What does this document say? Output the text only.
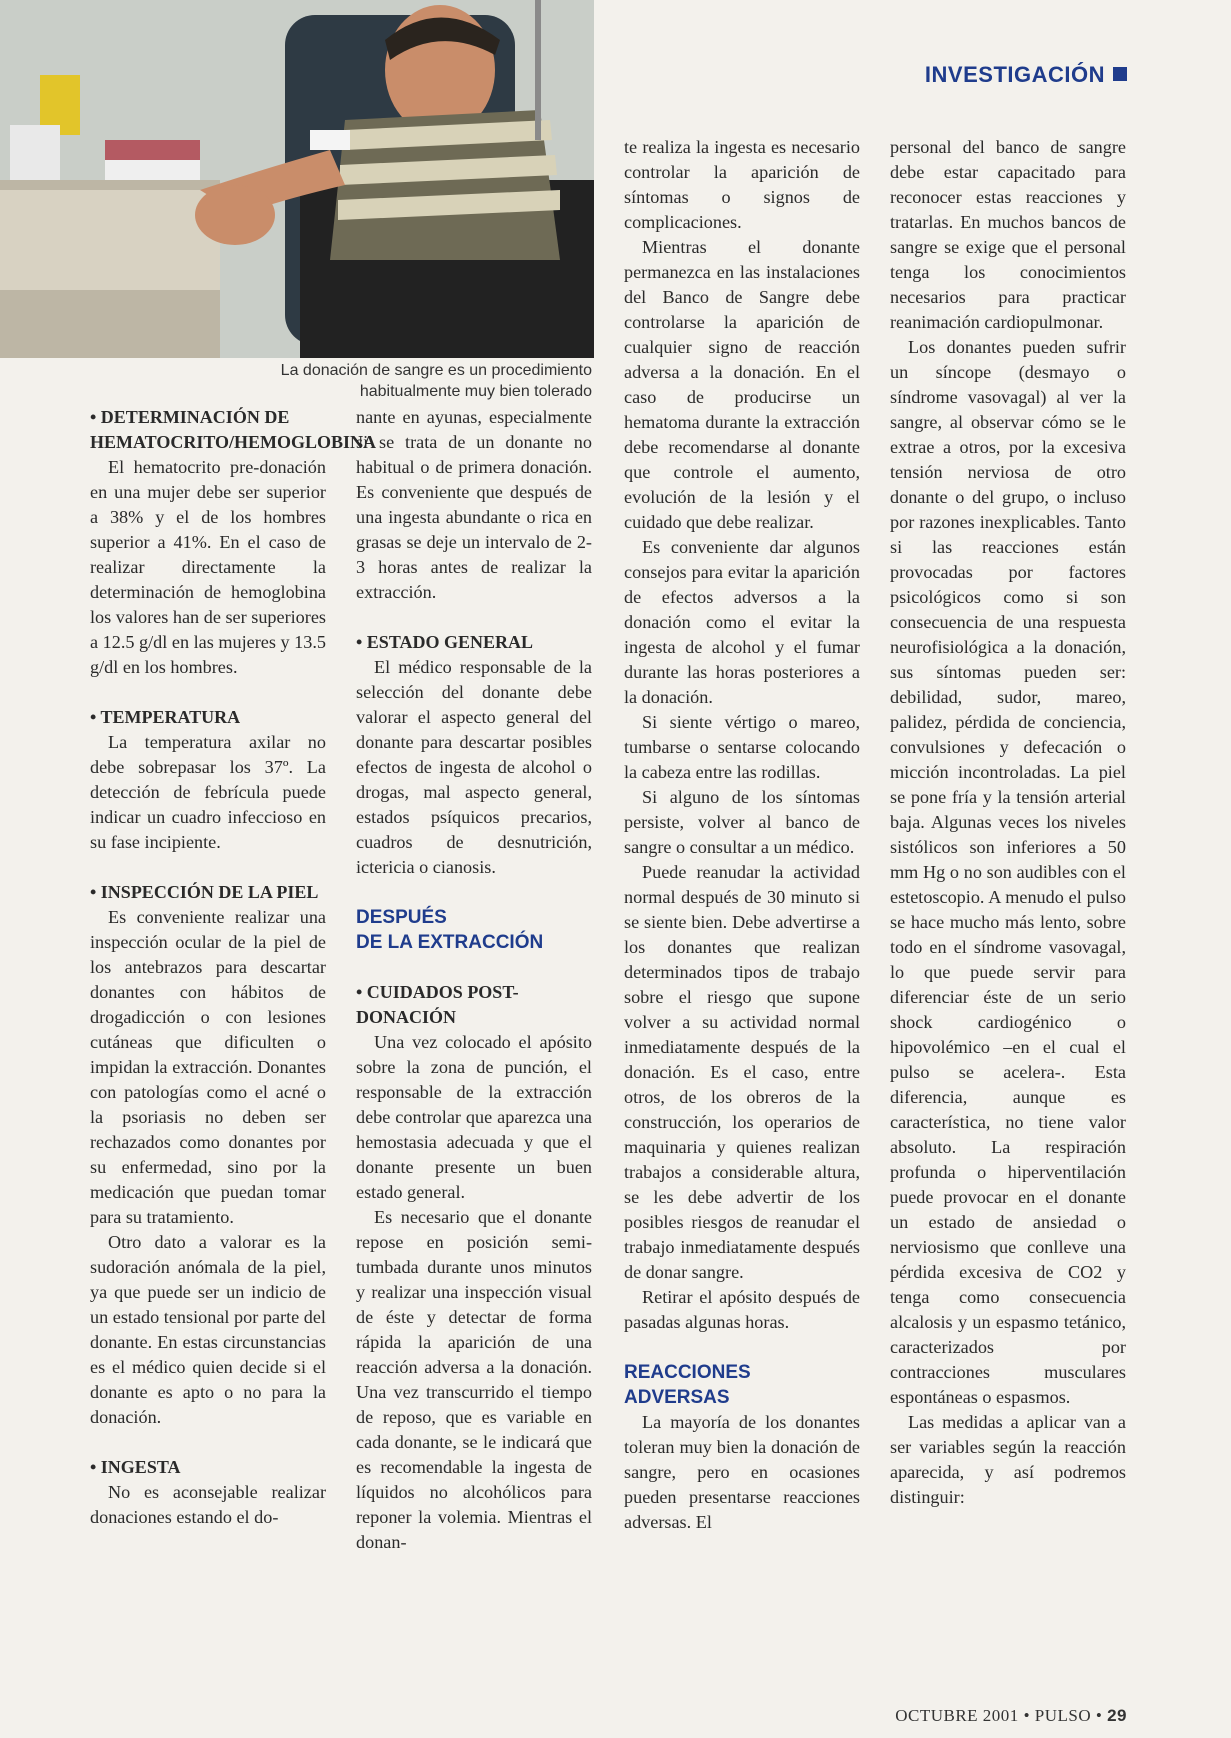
La donación de sangre es un procedimiento habitualmente muy bien tolerado
INVESTIGACIÓN
• DETERMINACIÓN DE HEMATOCRITO/HEMOGLOBINA

El hematocrito pre-donación en una mujer debe ser superior a 38% y el de los hombres superior a 41%. En el caso de realizar directamente la determinación de hemoglobina los valores han de ser superiores a 12.5 g/dl en las mujeres y 13.5 g/dl en los hombres.

• TEMPERATURA

La temperatura axilar no debe sobrepasar los 37º. La detección de febrícula puede indicar un cuadro infeccioso en su fase incipiente.

• INSPECCIÓN DE LA PIEL

Es conveniente realizar una inspección ocular de la piel de los antebrazos para descartar donantes con hábitos de drogadicción o con lesiones cutáneas que dificulten o impidan la extracción. Donantes con patologías como el acné o la psoriasis no deben ser rechazados como donantes por su enfermedad, sino por la medicación que puedan tomar para su tratamiento.

Otro dato a valorar es la sudoración anómala de la piel, ya que puede ser un indicio de un estado tensional por parte del donante. En estas circunstancias es el médico quien decide si el donante es apto o no para la donación.

• INGESTA

No es aconsejable realizar donaciones estando el do-

nante en ayunas, especialmente si se trata de un donante no habitual o de primera donación. Es conveniente que después de una ingesta abundante o rica en grasas se deje un intervalo de 2-3 horas antes de realizar la extracción.

• ESTADO GENERAL

El médico responsable de la selección del donante debe valorar el aspecto general del donante para descartar posibles efectos de ingesta de alcohol o drogas, mal aspecto general, estados psíquicos precarios, cuadros de desnutrición, ictericia o cianosis.

DESPUÉS
DE LA EXTRACCIÓN
• CUIDADOS POST-DONACIÓN

Una vez colocado el apósito sobre la zona de punción, el responsable de la extracción debe controlar que aparezca una hemostasia adecuada y que el donante presente un buen estado general.

Es necesario que el donante repose en posición semi-tumbada durante unos minutos y realizar una inspección visual de éste y detectar de forma rápida la aparición de una reacción adversa a la donación. Una vez transcurrido el tiempo de reposo, que es variable en cada donante, se le indicará que es recomendable la ingesta de líquidos no alcohólicos para reponer la volemia. Mientras el donan-

te realiza la ingesta es necesario controlar la aparición de síntomas o signos de complicaciones.

Mientras el donante permanezca en las instalaciones del Banco de Sangre debe controlarse la aparición de cualquier signo de reacción adversa a la donación. En el caso de producirse un hematoma durante la extracción debe recomendarse al donante que controle el aumento, evolución de la lesión y el cuidado que debe realizar.

Es conveniente dar algunos consejos para evitar la aparición de efectos adversos a la donación como el evitar la ingesta de alcohol y el fumar durante las horas posteriores a la donación.

Si siente vértigo o mareo, tumbarse o sentarse colocando la cabeza entre las rodillas.

Si alguno de los síntomas persiste, volver al banco de sangre o consultar a un médico.

Puede reanudar la actividad normal después de 30 minuto si se siente bien. Debe advertirse a los donantes que realizan determinados tipos de trabajo sobre el riesgo que supone volver a su actividad normal inmediatamente después de la donación. Es el caso, entre otros, de los obreros de la construcción, los operarios de maquinaria y quienes realizan trabajos a considerable altura, se les debe advertir de los posibles riesgos de reanudar el trabajo inmediatamente después de donar sangre.

Retirar el apósito después de pasadas algunas horas.

REACCIONES
ADVERSAS

La mayoría de los donantes toleran muy bien la donación de sangre, pero en ocasiones pueden presentarse reacciones adversas. El

personal del banco de sangre debe estar capacitado para reconocer estas reacciones y tratarlas. En muchos bancos de sangre se exige que el personal tenga los conocimientos necesarios para practicar reanimación cardiopulmonar.

Los donantes pueden sufrir un síncope (desmayo o síndrome vasovagal) al ver la sangre, al observar cómo se le extrae a otros, por la excesiva tensión nerviosa de otro donante o del grupo, o incluso por razones inexplicables. Tanto si las reacciones están provocadas por factores psicológicos como si son consecuencia de una respuesta neurofisiológica a la donación, sus síntomas pueden ser: debilidad, sudor, mareo, palidez, pérdida de conciencia, convulsiones y defecación o micción incontroladas. La piel se pone fría y la tensión arterial baja. Algunas veces los niveles sistólicos son inferiores a 50 mm Hg o no son audibles con el estetoscopio. A menudo el pulso se hace mucho más lento, sobre todo en el síndrome vasovagal, lo que puede servir para diferenciar éste de un serio shock cardiogénico o hipovolémico –en el cual el pulso se acelera-. Esta diferencia, aunque es característica, no tiene valor absoluto. La respiración profunda o hiperventilación puede provocar en el donante un estado de ansiedad o nerviosismo que conlleve una pérdida excesiva de CO2 y tenga como consecuencia alcalosis y un espasmo tetánico, caracterizados por contracciones musculares espontáneas o espasmos.

Las medidas a aplicar van a ser variables según la reacción aparecida, y así podremos distinguir:

OCTUBRE 2001 • PULSO • 29
